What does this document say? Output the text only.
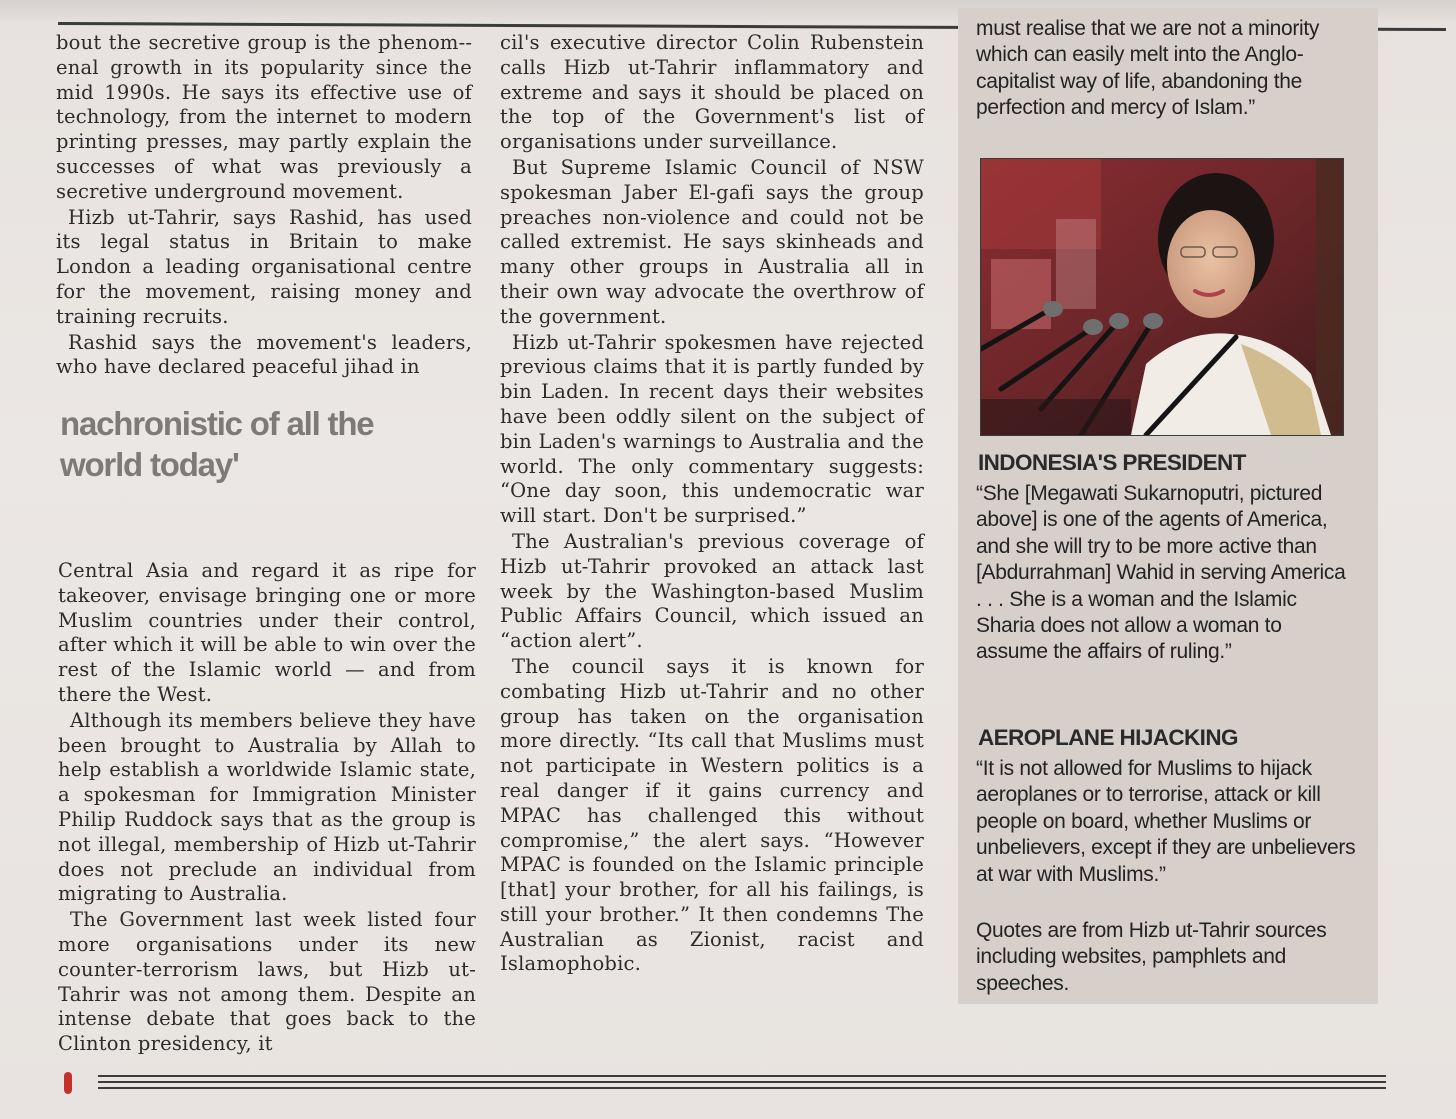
bout the secretive group is the phenom-enal growth in its popularity since the mid 1990s. He says its effective use of technology, from the internet to modern printing presses, may partly explain the successes of what was previously a secretive underground movement.

Hizb ut-Tahrir, says Rashid, has used its legal status in Britain to make London a leading organisational centre for the movement, raising money and training recruits.

Rashid says the movement's leaders, who have declared peaceful jihad in

nachronistic of all the
world today'

Central Asia and regard it as ripe for takeover, envisage bringing one or more Muslim countries under their control, after which it will be able to win over the rest of the Islamic world — and from there the West.

Although its members believe they have been brought to Australia by Allah to help establish a worldwide Islamic state, a spokesman for Immigration Minister Philip Ruddock says that as the group is not illegal, membership of Hizb ut-Tahrir does not preclude an individual from migrating to Australia.

The Government last week listed four more organisations under its new counter-terrorism laws, but Hizb ut-Tahrir was not among them. Despite an intense debate that goes back to the Clinton presidency, it

cil's executive director Colin Rubenstein calls Hizb ut-Tahrir inflammatory and extreme and says it should be placed on the top of the Government's list of organisations under surveillance.

But Supreme Islamic Council of NSW spokesman Jaber El-gafi says the group preaches non-violence and could not be called extremist. He says skinheads and many other groups in Australia all in their own way advocate the overthrow of the government.

Hizb ut-Tahrir spokesmen have rejected previous claims that it is partly funded by bin Laden. In recent days their websites have been oddly silent on the subject of bin Laden's warnings to Australia and the world. The only commentary suggests: “One day soon, this undemocratic war will start. Don't be surprised.”

The Australian's previous coverage of Hizb ut-Tahrir provoked an attack last week by the Washington-based Muslim Public Affairs Council, which issued an “action alert”.

The council says it is known for combating Hizb ut-Tahrir and no other group has taken on the organisation more directly. “Its call that Muslims must not participate in Western politics is a real danger if it gains currency and MPAC has challenged this without compromise,” the alert says. “However MPAC is founded on the Islamic principle [that] your brother, for all his failings, is still your brother.” It then condemns The Australian as Zionist, racist and Islamophobic.

must realise that we are not a minority which can easily melt into the Anglo-capitalist way of life, abandoning the perfection and mercy of Islam.”
INDONESIA'S PRESIDENT
“She [Megawati Sukarnoputri, pictured above] is one of the agents of America, and she will try to be more active than [Abdurrahman] Wahid in serving America . . . She is a woman and the Islamic Sharia does not allow a woman to assume the affairs of ruling.”
AEROPLANE HIJACKING
“It is not allowed for Muslims to hijack aeroplanes or to terrorise, attack or kill people on board, whether Muslims or unbelievers, except if they are unbelievers at war with Muslims.”
Quotes are from Hizb ut-Tahrir sources including websites, pamphlets and speeches.
